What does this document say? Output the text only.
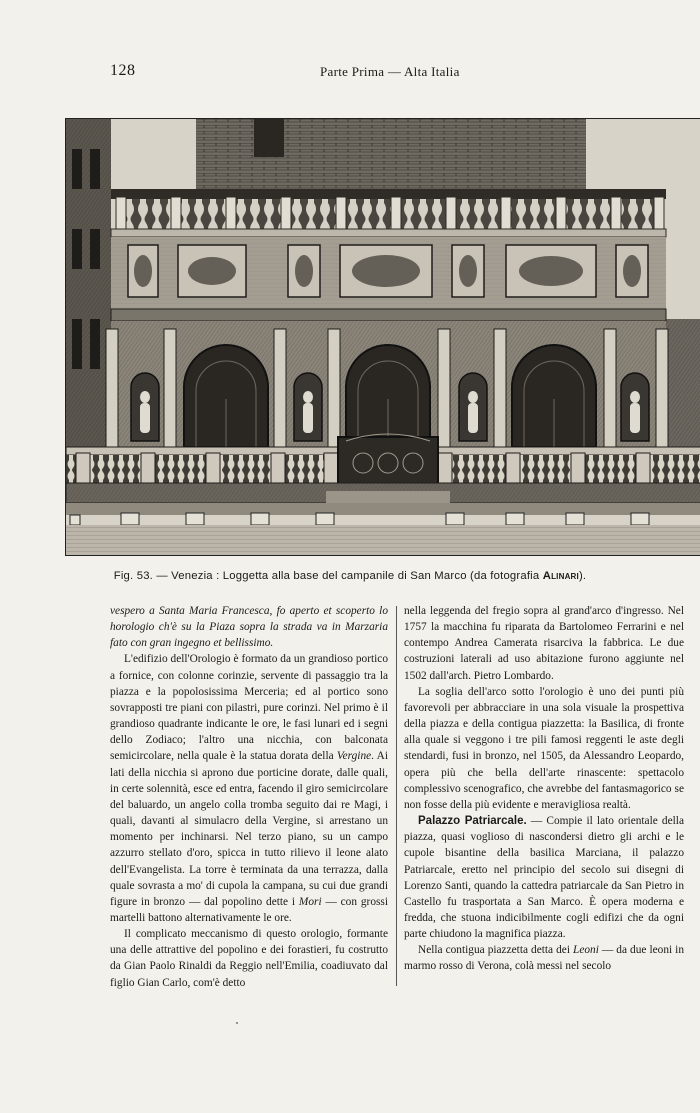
128	Parte Prima — Alta Italia
Fig. 53. — Venezia : Loggetta alla base del campanile di San Marco (da fotografia Alinari).

vespero a Santa Maria Francesca, fo aperto et scoperto lo horologio ch'è su la Piaza sopra la strada va in Marzaria fato con gran ingegno et bellissimo.

L'edifizio dell'Orologio è formato da un grandioso portico a fornice, con colonne corinzie, servente di passaggio tra la piazza e la popolosissima Merceria; ed al portico sono sovrapposti tre piani con pilastri, pure corinzi. Nel primo è il grandioso quadrante indicante le ore, le fasi lunari ed i segni dello Zodiaco; l'altro una nicchia, con balconata semicircolare, nella quale è la statua dorata della Vergine. Ai lati della nicchia si aprono due porticine dorate, dalle quali, in certe solennità, esce ed entra, facendo il giro semicircolare del baluardo, un angelo colla tromba seguito dai re Magi, i quali, davanti al simulacro della Vergine, si arrestano un momento per inchinarsi. Nel terzo piano, su un campo azzurro stellato d'oro, spicca in tutto rilievo il leone alato dell'Evangelista. La torre è terminata da una terrazza, dalla quale sovrasta a mo' di cupola la campana, su cui due grandi figure in bronzo — dal popolino dette i Mori — con grossi martelli battono alternativamente le ore.

Il complicato meccanismo di questo orologio, formante una delle attrattive del popolino e dei forastieri, fu costrutto da Gian Paolo Rinaldi da Reggio nell'Emilia, coadiuvato dal figlio Gian Carlo, com'è detto

nella leggenda del fregio sopra al grand'arco d'ingresso. Nel 1757 la macchina fu riparata da Bartolomeo Ferrarini e nel contempo Andrea Camerata risarciva la fabbrica. Le due costruzioni laterali ad uso abitazione furono aggiunte nel 1502 dall'arch. Pietro Lombardo.

La soglia dell'arco sotto l'orologio è uno dei punti più favorevoli per abbracciare in una sola visuale la prospettiva della piazza e della contigua piazzetta: la Basilica, di fronte alla quale si veggono i tre pili famosi reggenti le aste degli stendardi, fusi in bronzo, nel 1505, da Alessandro Leopardo, opera più che bella dell'arte rinascente: spettacolo complessivo scenografico, che avrebbe del fantasmagorico se non fosse della più evidente e meravigliosa realtà.

Palazzo Patriarcale. — Compie il lato orientale della piazza, quasi voglioso di nascondersi dietro gli archi e le cupole bisantine della basilica Marciana, il palazzo Patriarcale, eretto nel principio del secolo sui disegni di Lorenzo Santi, quando la cattedra patriarcale da San Pietro in Castello fu trasportata a San Marco. È opera moderna e fredda, che stuona indicibilmente cogli edifizi che da ogni parte chiudono la magnifica piazza.

Nella contigua piazzetta detta dei Leoni — da due leoni in marmo rosso di Verona, colà messi nel secolo
